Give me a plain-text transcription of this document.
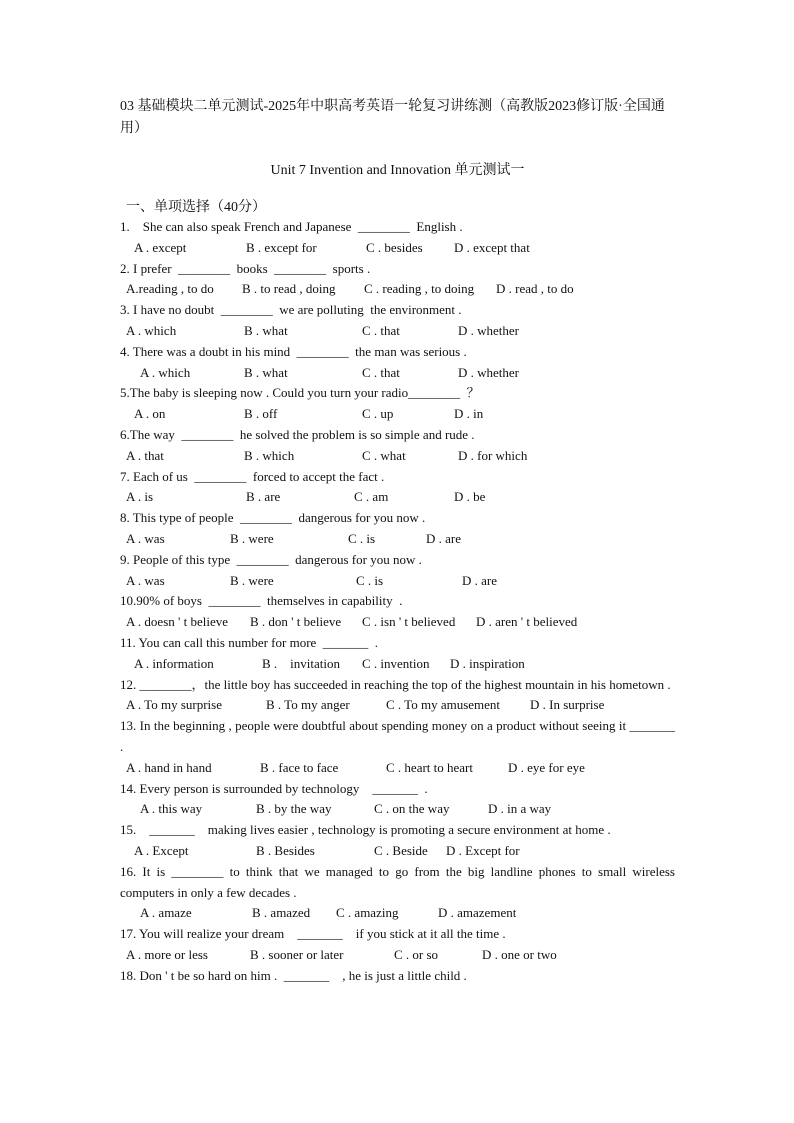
03 基础模块二单元测试-2025年中职高考英语一轮复习讲练测（高教版2023修订版·全国通用）

Unit 7 Invention and Innovation 单元测试一
一、单项选择（40分）
1.    She can also speak French and Japanese  ________  English .
A . except	B . except for	C . besides D . except that
2. I prefer  ________  books  ________  sports .
A.reading , to do B . to read , doing C . reading , to doing D . read , to do
3. I have no doubt  ________  we are polluting  the environment .
A . which	B . what	C . that	D . whether
4. There was a doubt in his mind  ________  the man was serious .
A . which	B . what	C . that	D . whether
5.The baby is sleeping now . Could you turn your radio________  ？
A . on	B . off	C . up	D . in
6.The way  ________  he solved the problem is so simple and rude .
A . that	B . which	C . what	D . for which
7. Each of us  ________  forced to accept the fact .
A . is	B . are	C . am	D . be
8. This type of people  ________  dangerous for you now .
A . was	B . were	C . is	D . are
9. People of this type  ________  dangerous for you now .
A . was	B . were	C . is	D . are
10.90% of boys  ________  themselves in capability  .
A . doesn ' t believe B . don ' t believe C . isn ' t believed D . aren ' t believed
11. You can call this number for more  _______  .
A . information	B .    invitation C . invention D . inspiration
12. ________，the little boy has succeeded in reaching the top of the highest mountain in his hometown .
A . To my surprise	B . To my anger	C . To my amusement D . In surprise
13. In the beginning , people were doubtful about spending money on a product without seeing it _______ .
A . hand in hand	B . face to face	C . heart to heart	D . eye for eye
14. Every person is surrounded by technology    _______  .
A . this way	B . by the way	C . on the way	D . in a way
15.    _______    making lives easier , technology is promoting a secure environment at home .
A . Except	B . Besides	C . Beside D . Except for
16. It is ________ to think that we managed to go from the big landline phones to small wireless computers in only a few decades .
A . amaze	B . amazed C . amazing	D . amazement
17. You will realize your dream    _______    if you stick at it all the time .
A . more or less	B . sooner or later	C . or so	D . one or two
18. Don ' t be so hard on him .  _______    , he is just a little child .
